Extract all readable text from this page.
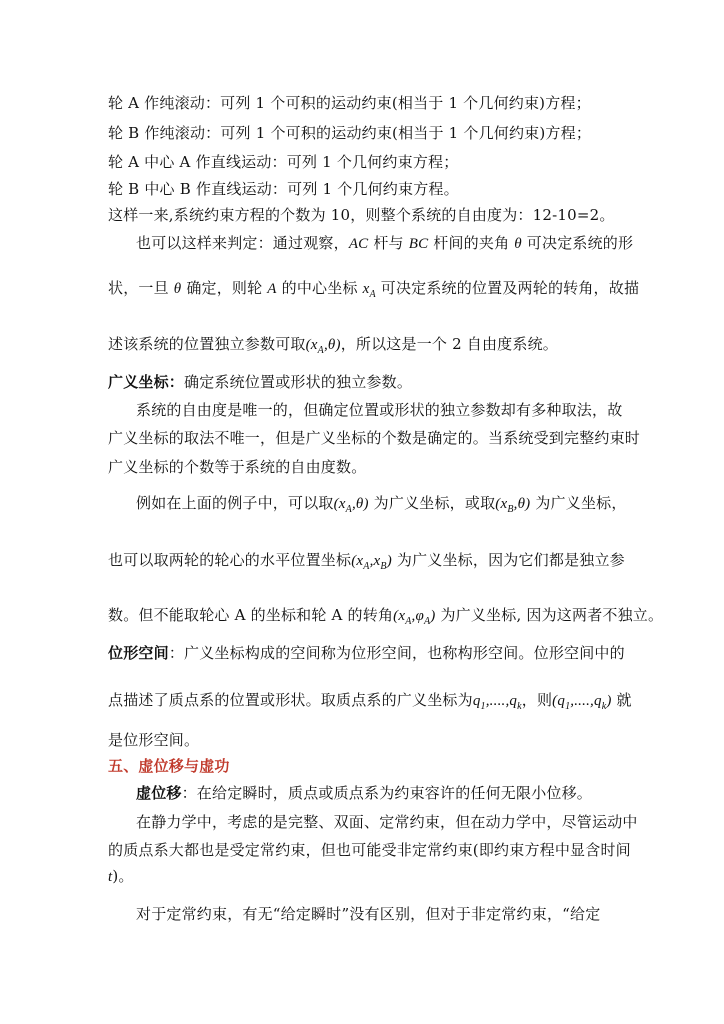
轮 A 作纯滚动：可列 1 个可积的运动约束(相当于 1 个几何约束)方程；
轮 B 作纯滚动：可列 1 个可积的运动约束(相当于 1 个几何约束)方程；
轮 A 中心 A 作直线运动：可列 1 个几何约束方程；
轮 B 中心 B 作直线运动：可列 1 个几何约束方程。
这样一来,系统约束方程的个数为 10，则整个系统的自由度为：12-10=2。
也可以这样来判定：通过观察，AC 杆与 BC 杆间的夹角 θ 可决定系统的形
状，一旦 θ 确定，则轮 A 的中心坐标 $x_A$ 可决定系统的位置及两轮的转角，故描
述该系统的位置独立参数可取$(x_A,\theta)$，所以这是一个 2 自由度系统。
广义坐标：确定系统位置或形状的独立参数。
系统的自由度是唯一的，但确定位置或形状的独立参数却有多种取法，故
广义坐标的取法不唯一，但是广义坐标的个数是确定的。当系统受到完整约束时
广义坐标的个数等于系统的自由度数。
例如在上面的例子中，可以取$(x_A,\theta)$ 为广义坐标，或取$(x_B,\theta)$ 为广义坐标，
也可以取两轮的轮心的水平位置坐标$(x_A,x_B)$ 为广义坐标，因为它们都是独立参
数。但不能取轮心 A 的坐标和轮 A 的转角$(x_A,\varphi_A)$ 为广义坐标, 因为这两者不独立。
位形空间：广义坐标构成的空间称为位形空间，也称构形空间。位形空间中的
点描述了质点系的位置或形状。取质点系的广义坐标为$q_1,....,q_k$，则$(q_1,....,q_k)$ 就
是位形空间。
五、虚位移与虚功
虚位移：在给定瞬时，质点或质点系为约束容许的任何无限小位移。
在静力学中，考虑的是完整、双面、定常约束，但在动力学中，尽管运动中
的质点系大都也是受定常约束，但也可能受非定常约束(即约束方程中显含时间
t)。
对于定常约束，有无“给定瞬时”没有区别，但对于非定常约束，“给定
